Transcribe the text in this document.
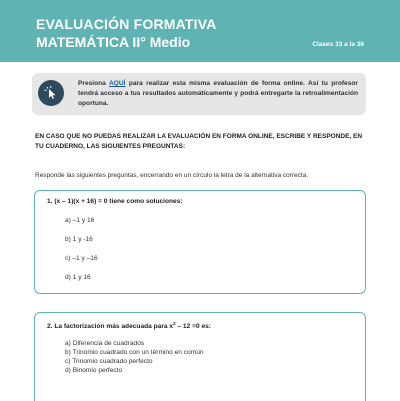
EVALUACIÓN FORMATIVA
MATEMÁTICA II° Medio	Clases 33 a la 36
Presiona AQUÍ para realizar esta misma evaluación de forma online. Así tu profesor tendrá acceso a tus resultados automáticamente y podrá entregarte la retroalimentación oportuna.
EN CASO QUE NO PUEDAS REALIZAR LA EVALUACIÓN EN FORMA ONLINE, ESCRIBE Y RESPONDE, EN TU CUADERNO, LAS SIGUIENTES PREGUNTAS:
Responde las siguientes preguntas, encerrando en un círculo la letra de la alternativa correcta.
1. (x – 1)(x + 16) = 0 tiene como soluciones:
a) –1 y 16
b) 1 y -16
c) –1 y –16
d) 1 y 16
2. La factorización más adecuada para $x^2 - 12 =0$ es:
a) Diferencia de cuadrados
b) Trinomio cuadrado con un término en común
c) Trinomio cuadrado perfecto
d) Binomio perfecto
